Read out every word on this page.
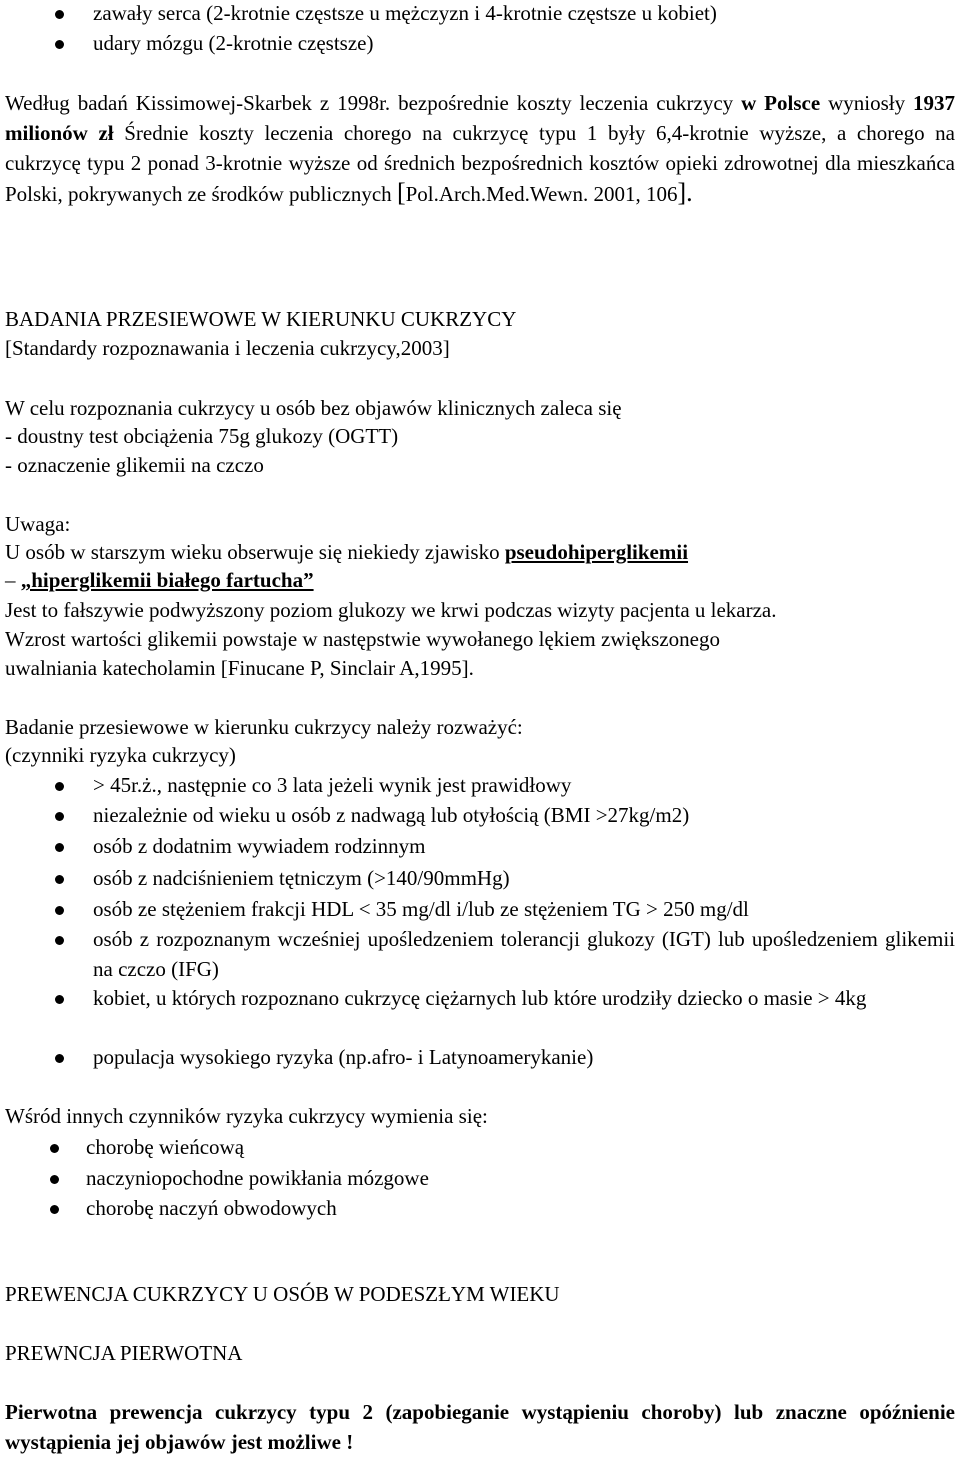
zawały serca (2-krotnie częstsze u mężczyzn i 4-krotnie częstsze u kobiet)
udary mózgu (2-krotnie częstsze)
Według badań Kissimowej-Skarbek z 1998r. bezpośrednie koszty leczenia cukrzycy w Polsce wyniosły 1937 milionów zł Średnie koszty leczenia chorego na cukrzycę typu 1 były 6,4-krotnie wyższe, a chorego na cukrzycę typu 2 ponad 3-krotnie wyższe od średnich bezpośrednich kosztów opieki zdrowotnej dla mieszkańca Polski, pokrywanych ze środków publicznych [Pol.Arch.Med.Wewn. 2001, 106].
BADANIA PRZESIEWOWE W KIERUNKU CUKRZYCY
[Standardy rozpoznawania i leczenia cukrzycy,2003]
W celu rozpoznania cukrzycy u osób bez objawów klinicznych zaleca się
- doustny test obciążenia 75g glukozy (OGTT)
- oznaczenie glikemii na czczo
Uwaga:
U osób w starszym wieku obserwuje się niekiedy zjawisko pseudohiperglikemii
– „hiperglikemii białego fartucha”
Jest to fałszywie podwyższony poziom glukozy we krwi podczas wizyty pacjenta u lekarza.
Wzrost wartości glikemii powstaje w następstwie wywołanego lękiem zwiększonego
uwalniania katecholamin [Finucane P, Sinclair A,1995].
Badanie przesiewowe w kierunku cukrzycy należy rozważyć:
(czynniki ryzyka cukrzycy)
> 45r.ż., następnie co 3 lata jeżeli wynik jest prawidłowy
niezależnie od wieku u osób z nadwagą lub otyłością (BMI >27kg/m2)
osób z dodatnim wywiadem rodzinnym
osób z nadciśnieniem tętniczym (>140/90mmHg)
osób ze stężeniem frakcji HDL < 35 mg/dl i/lub ze stężeniem TG > 250 mg/dl
osób z rozpoznanym wcześniej upośledzeniem tolerancji glukozy (IGT) lub upośledzeniem glikemii na czczo (IFG)
kobiet, u których rozpoznano cukrzycę ciężarnych lub które urodziły dziecko o masie > 4kg
populacja wysokiego ryzyka (np.afro- i Latynoamerykanie)
Wśród innych czynników ryzyka cukrzycy wymienia się:
chorobę wieńcową
naczyniopochodne powikłania mózgowe
chorobę naczyń obwodowych
PREWENCJA CUKRZYCY U OSÓB W PODESZŁYM WIEKU
PREWNCJA PIERWOTNA
Pierwotna prewencja cukrzycy typu 2 (zapobieganie wystąpieniu choroby) lub znaczne opóźnienie wystąpienia jej objawów jest możliwe !
